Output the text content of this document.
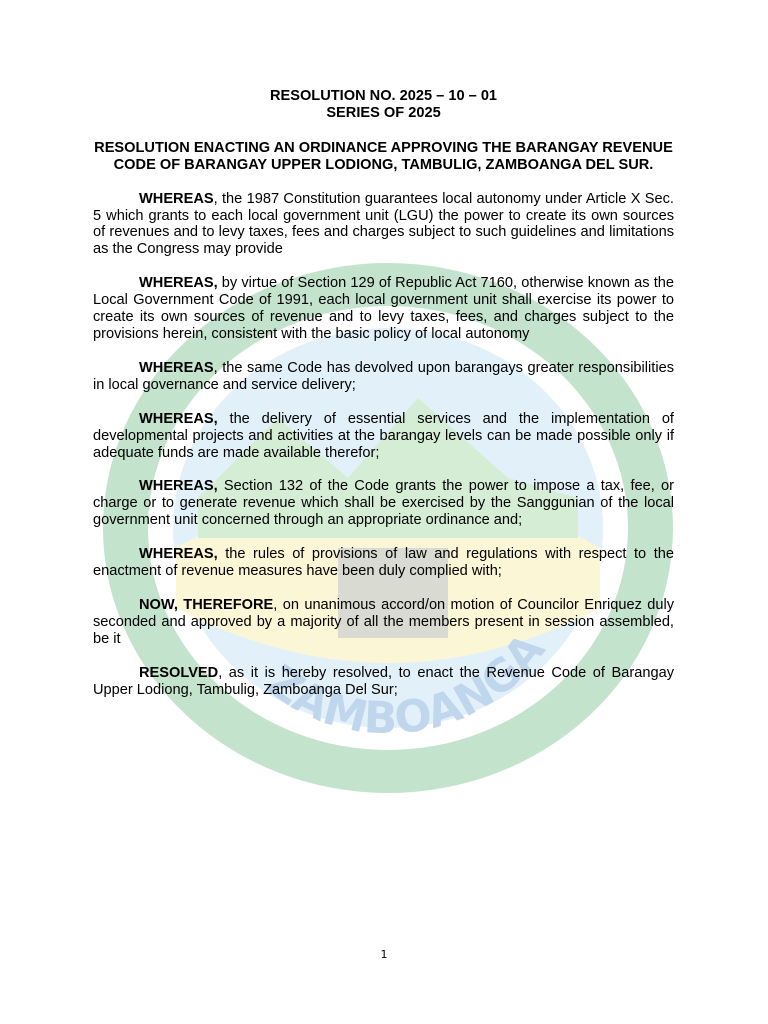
ZAMBOANGA

RESOLUTION NO. 2025 – 10 – 01

SERIES OF 2025

RESOLUTION ENACTING AN ORDINANCE APPROVING THE BARANGAY REVENUE CODE OF BARANGAY UPPER LODIONG, TAMBULIG, ZAMBOANGA DEL SUR.

WHEREAS, the 1987 Constitution guarantees local autonomy under Article X Sec. 5 which grants to each local government unit (LGU) the power to create its own sources of revenues and to levy taxes, fees and charges subject to such guidelines and limitations as the Congress may provide

WHEREAS, by virtue of Section 129 of Republic Act 7160, otherwise known as the Local Government Code of 1991, each local government unit shall exercise its power to create its own sources of revenue and to levy taxes, fees, and charges subject to the provisions herein, consistent with the basic policy of local autonomy

WHEREAS, the same Code has devolved upon barangays greater responsibilities in local governance and service delivery;

WHEREAS, the delivery of essential services and the implementation of developmental projects and activities at the barangay levels can be made possible only if adequate funds are made available therefor;

WHEREAS, Section 132 of the Code grants the power to impose a tax, fee, or charge or to generate revenue which shall be exercised by the Sanggunian of the local government unit concerned through an appropriate ordinance and;

WHEREAS, the rules of provisions of law and regulations with respect to the enactment of revenue measures have been duly complied with;

NOW, THEREFORE, on unanimous accord/on motion of Councilor Enriquez duly seconded and approved by a majority of all the members present in session assembled, be it

RESOLVED, as it is hereby resolved, to enact the Revenue Code of Barangay Upper Lodiong, Tambulig, Zamboanga Del Sur;

1
